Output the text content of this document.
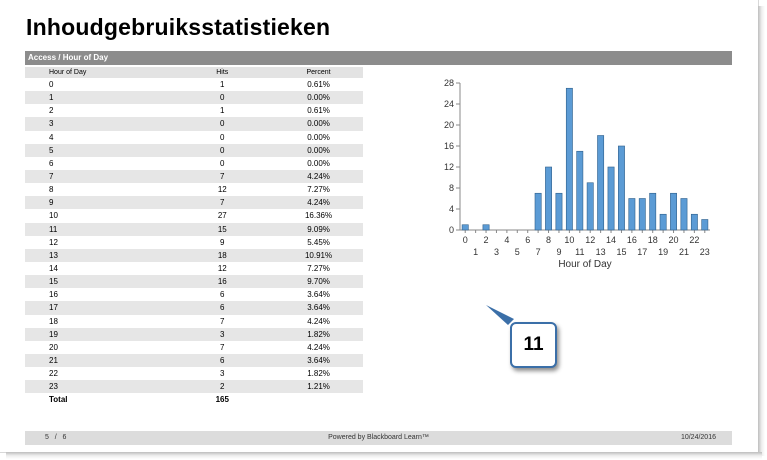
Inhoudgebruiksstatistieken
Access / Hour of Day
Hour of Day	Hits	Percent
0	1	0.61%
1	0	0.00%
2	1	0.61%
3	0	0.00%
4	0	0.00%
5	0	0.00%
6	0	0.00%
7	7	4.24%
8	12	7.27%
9	7	4.24%
10	27	16.36%
11	15	9.09%
12	9	5.45%
13	18	10.91%
14	12	7.27%
15	16	9.70%
16	6	3.64%
17	6	3.64%
18	7	4.24%
19	3	1.82%
20	7	4.24%
21	6	3.64%
22	3	1.82%
23	2	1.21%
Total	165	
0
4
8
12
16
20
24
28
0
1
2
3
4
5
6
7
8
9
10
11
12
13
14
15
16
17
18
19
20
21
22
23
Hour of Day
11
5 / 6	Powered by Blackboard Learn™	10/24/2016
